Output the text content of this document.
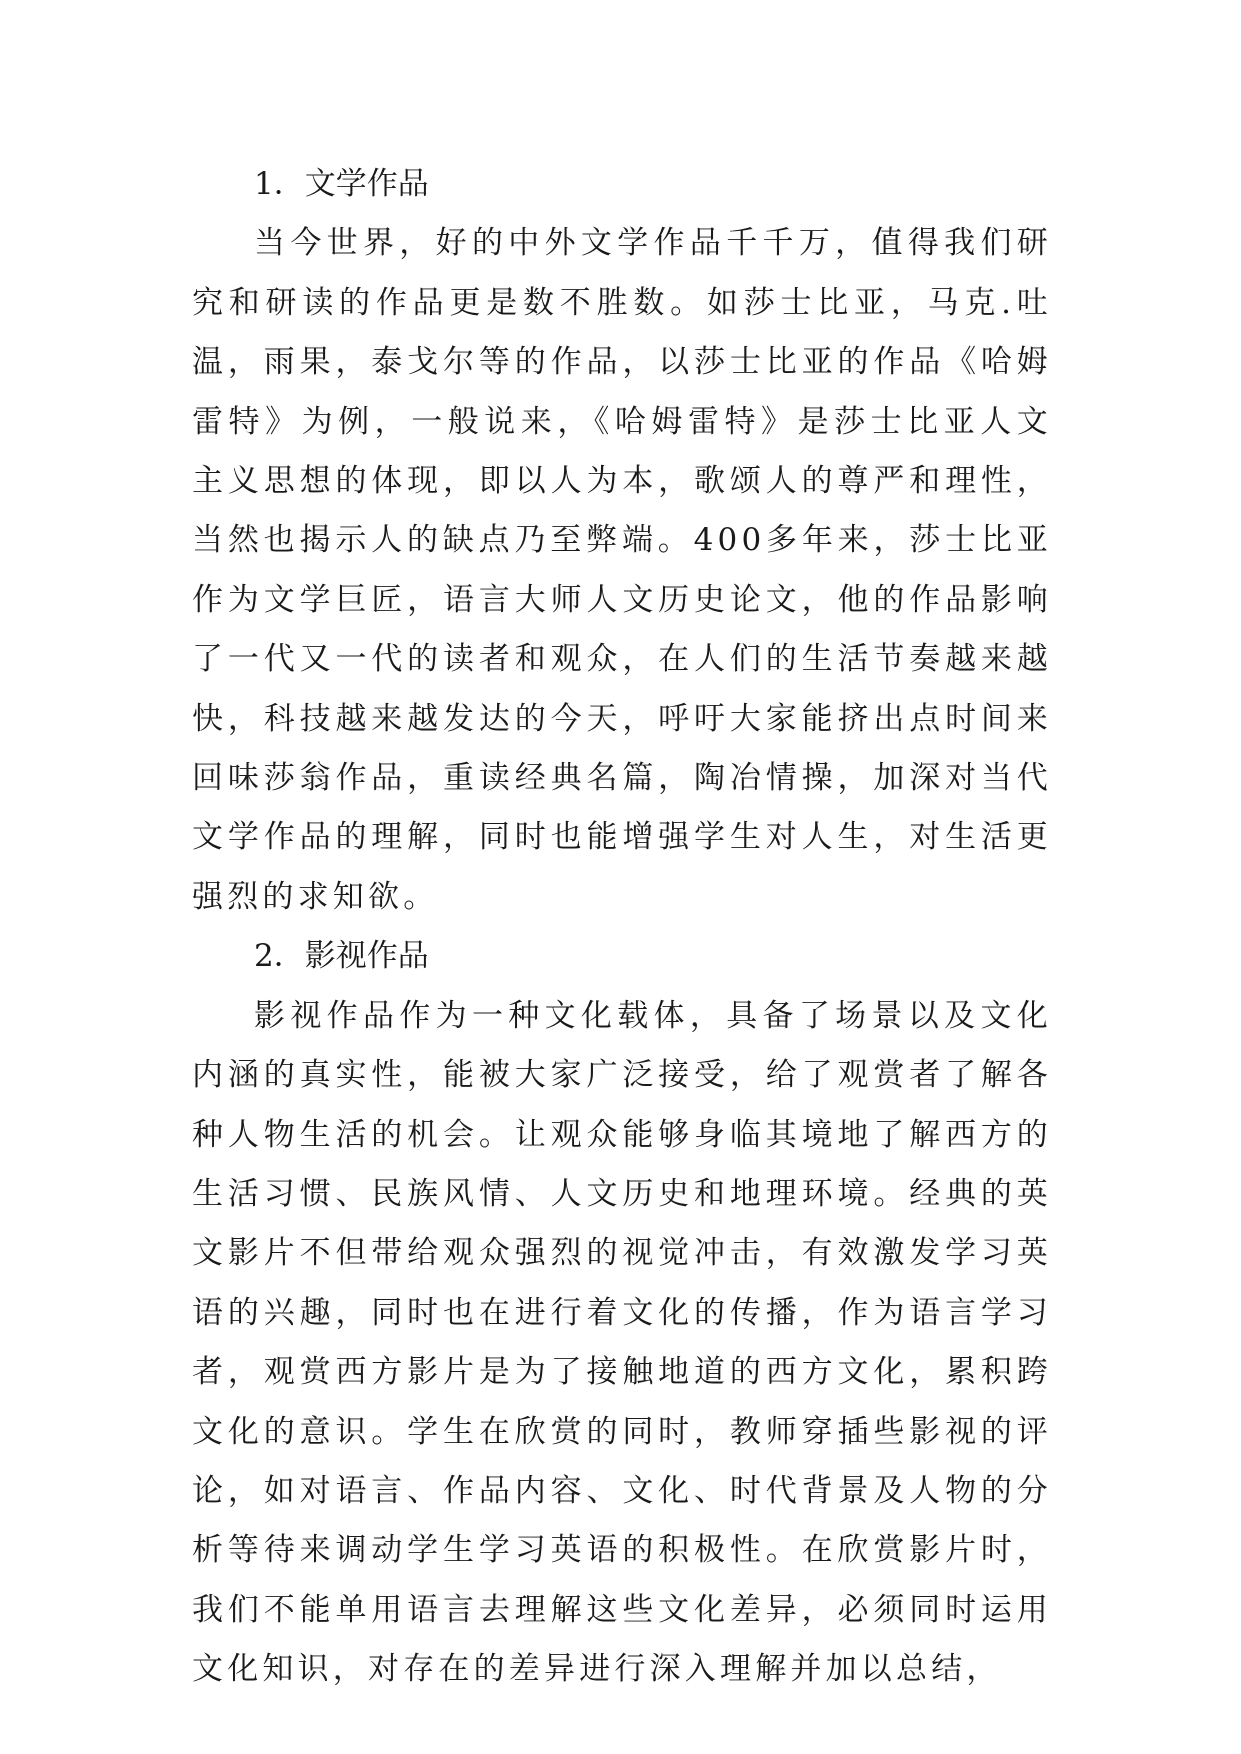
1．文学作品

当今世界，好的中外文学作品千千万，值得我们研究和研读的作品更是数不胜数。如莎士比亚，马克.吐温，雨果，泰戈尔等的作品，以莎士比亚的作品《哈姆雷特》为例，一般说来，《哈姆雷特》是莎士比亚人文主义思想的体现，即以人为本，歌颂人的尊严和理性，当然也揭示人的缺点乃至弊端。400多年来，莎士比亚作为文学巨匠，语言大师人文历史论文，他的作品影响了一代又一代的读者和观众，在人们的生活节奏越来越快，科技越来越发达的今天，呼吁大家能挤出点时间来回味莎翁作品，重读经典名篇，陶冶情操，加深对当代文学作品的理解，同时也能增强学生对人生，对生活更强烈的求知欲。

2．影视作品

影视作品作为一种文化载体，具备了场景以及文化内涵的真实性，能被大家广泛接受，给了观赏者了解各种人物生活的机会。让观众能够身临其境地了解西方的生活习惯、民族风情、人文历史和地理环境。经典的英文影片不但带给观众强烈的视觉冲击，有效激发学习英语的兴趣，同时也在进行着文化的传播，作为语言学习者，观赏西方影片是为了接触地道的西方文化，累积跨文化的意识。学生在欣赏的同时，教师穿插些影视的评论，如对语言、作品内容、文化、时代背景及人物的分析等待来调动学生学习英语的积极性。在欣赏影片时，我们不能单用语言去理解这些文化差异，必须同时运用文化知识，对存在的差异进行深入理解并加以总结，
